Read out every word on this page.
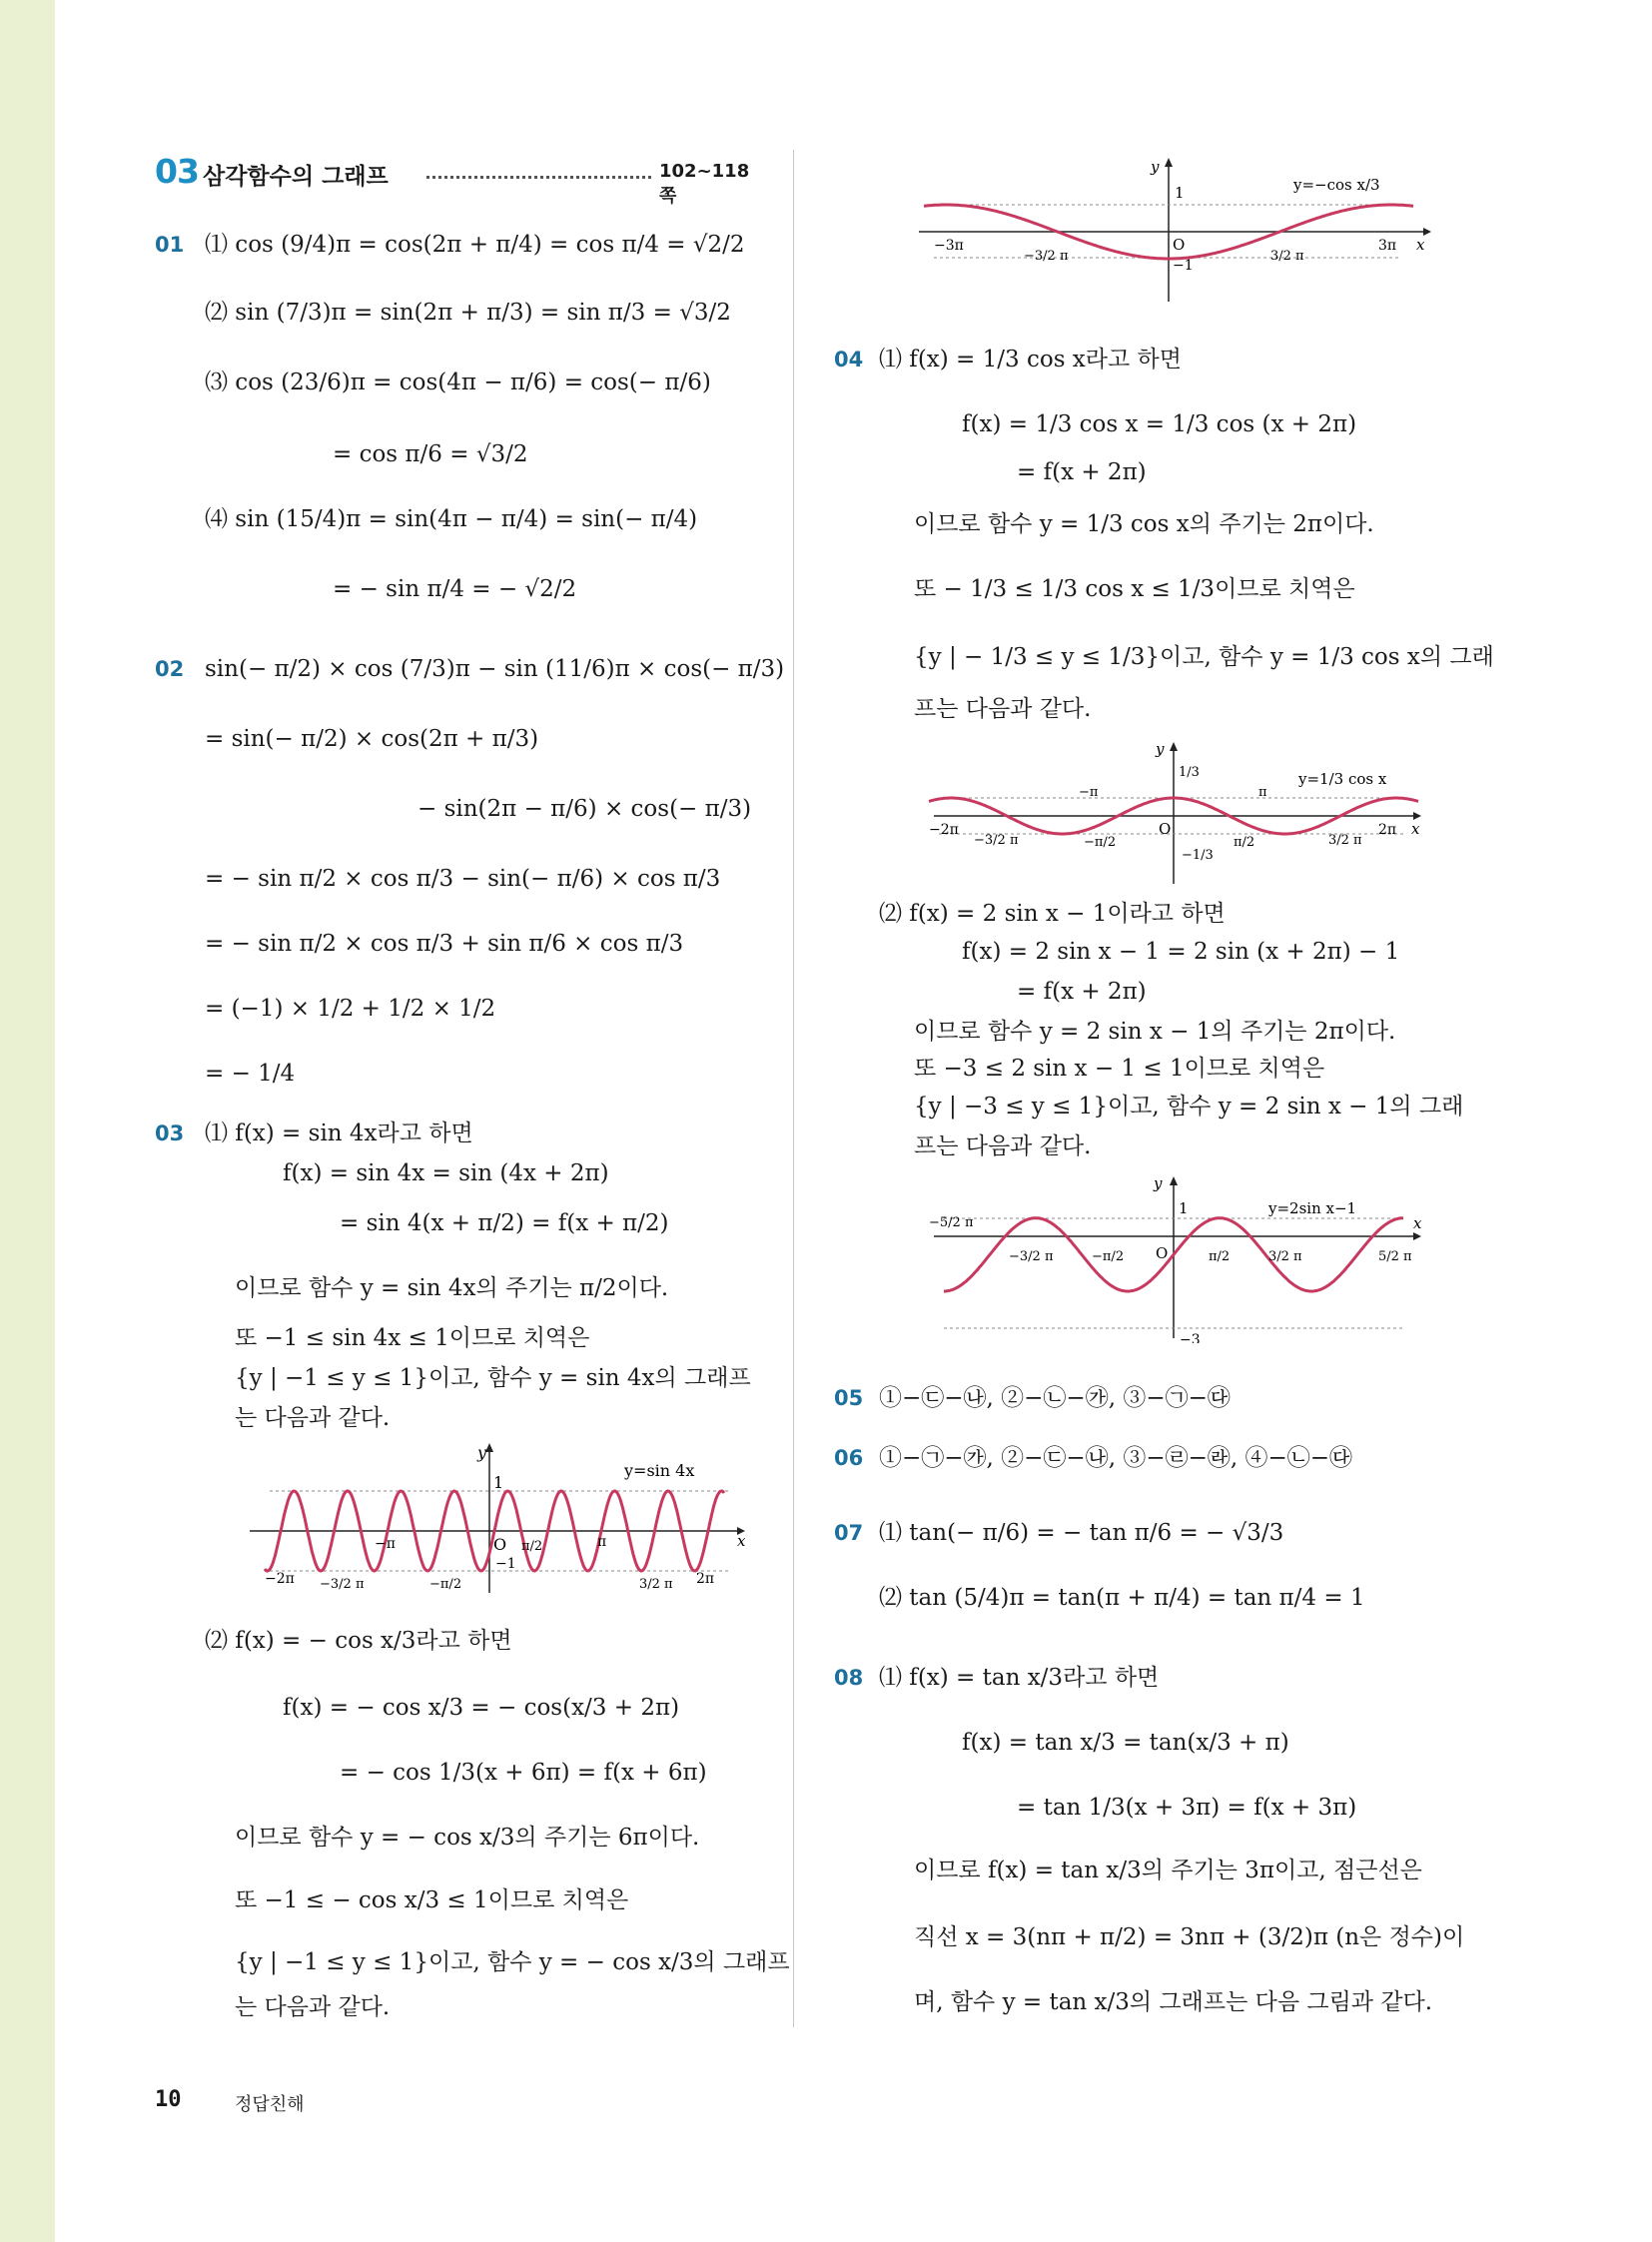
03 삼각함수의 그래프	102~118쪽
01 ⑴ cos (9/4)π = cos(2π + π/4) = cos π/4 = √2/2
⑵ sin (7/3)π = sin(2π + π/3) = sin π/3 = √3/2
⑶ cos (23/6)π = cos(4π − π/6) = cos(− π/6)
= cos π/6 = √3/2
⑷ sin (15/4)π = sin(4π − π/4) = sin(− π/4)
= − sin π/4 = − √2/2
02 sin(− π/2) × cos (7/3)π − sin (11/6)π × cos(− π/3)
= sin(− π/2) × cos(2π + π/3)
− sin(2π − π/6) × cos(− π/3)
= − sin π/2 × cos π/3 − sin(− π/6) × cos π/3
= − sin π/2 × cos π/3 + sin π/6 × cos π/3
= (−1) × 1/2 + 1/2 × 1/2
= − 1/4
03 ⑴ f(x) = sin 4x라고 하면
f(x) = sin 4x = sin (4x + 2π)
= sin 4(x + π/2) = f(x + π/2)
이므로 함수 y = sin 4x의 주기는 π/2이다.
또 −1 ≤ sin 4x ≤ 1이므로 치역은
{y | −1 ≤ y ≤ 1}이고, 함수 y = sin 4x의 그래프
는 다음과 같다.
y
1
−π	O π/2	π
−1
−2π −3/2 π	−π/2	3/2 π 2π
x
y=sin 4x
⑵ f(x) = − cos x/3라고 하면
f(x) = − cos x/3 = − cos(x/3 + 2π)
= − cos 1/3(x + 6π) = f(x + 6π)
이므로 함수 y = − cos x/3의 주기는 6π이다.
또 −1 ≤ − cos x/3 ≤ 1이므로 치역은
{y | −1 ≤ y ≤ 1}이고, 함수 y = − cos x/3의 그래프
는 다음과 같다.
y
1
−3π
−3/2 π
O
−1
3/2 π
3π x
y=−cos x/3
04 ⑴ f(x) = 1/3 cos x라고 하면
f(x) = 1/3 cos x = 1/3 cos (x + 2π)
= f(x + 2π)
이므로 함수 y = 1/3 cos x의 주기는 2π이다.
또 − 1/3 ≤ 1/3 cos x ≤ 1/3이므로 치역은
{y | − 1/3 ≤ y ≤ 1/3}이고, 함수 y = 1/3 cos x의 그래
프는 다음과 같다.
y
1/3
−π	π
−2π
−3/2 π	−π/2
O
−1/3
π/2	3/2 π
2π x
y=1/3 cos x
⑵ f(x) = 2 sin x − 1이라고 하면
f(x) = 2 sin x − 1 = 2 sin (x + 2π) − 1
= f(x + 2π)
이므로 함수 y = 2 sin x − 1의 주기는 2π이다.
또 −3 ≤ 2 sin x − 1 ≤ 1이므로 치역은
{y | −3 ≤ y ≤ 1}이고, 함수 y = 2 sin x − 1의 그래
프는 다음과 같다.
y
1
−5/2 π
−3/2 π	−π/2 O	π/2	3/2 π	5/2 π
−3
x
y=2sin x−1
05 ①−㉢−㉯, ②−㉡−㉮, ③−㉠−㉰
06 ①−㉠−㉮, ②−㉢−㉯, ③−㉣−㉱, ④−㉡−㉰
07 ⑴ tan(− π/6) = − tan π/6 = − √3/3
⑵ tan (5/4)π = tan(π + π/4) = tan π/4 = 1
08 ⑴ f(x) = tan x/3라고 하면
f(x) = tan x/3 = tan(x/3 + π)
= tan 1/3(x + 3π) = f(x + 3π)
이므로 f(x) = tan x/3의 주기는 3π이고, 점근선은
직선 x = 3(nπ + π/2) = 3nπ + (3/2)π (n은 정수)이
며, 함수 y = tan x/3의 그래프는 다음 그림과 같다.
10	정답친해
